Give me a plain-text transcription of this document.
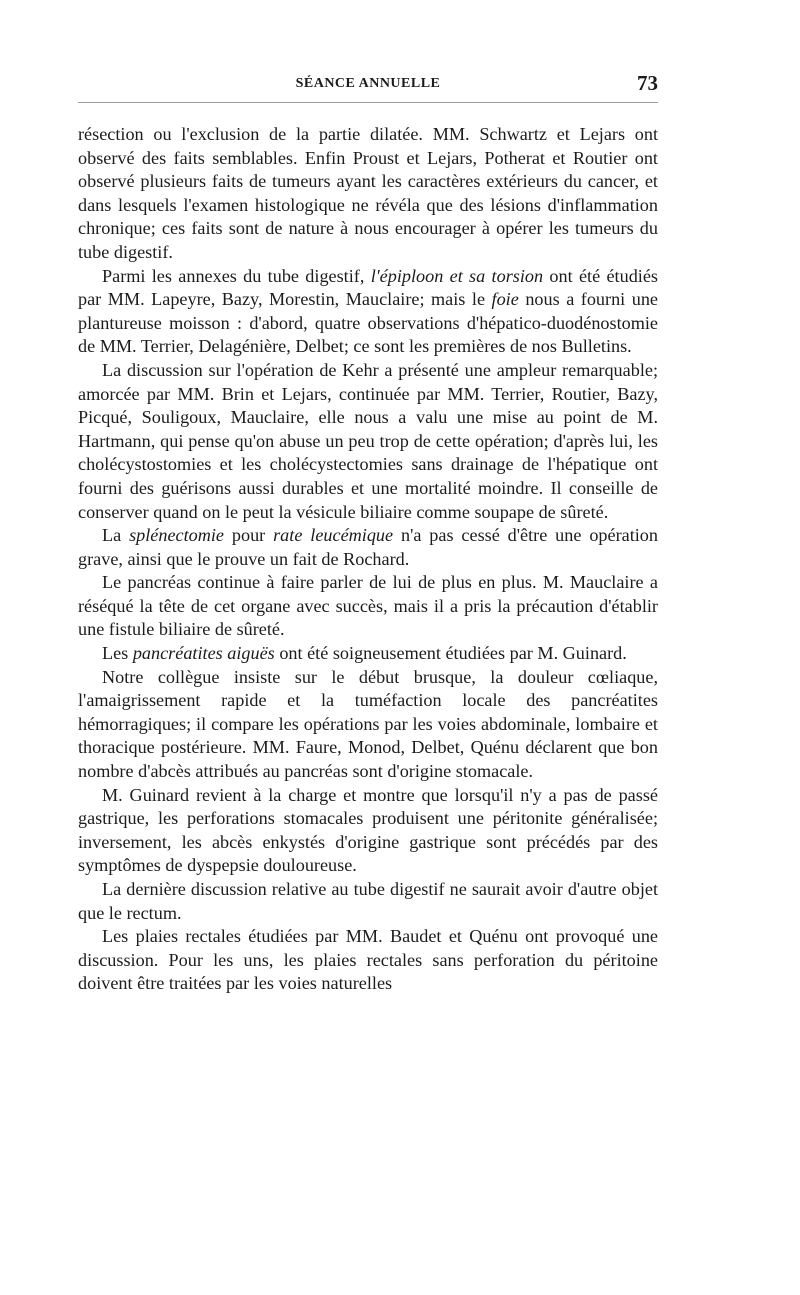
SÉANCE ANNUELLE	73

résection ou l'exclusion de la partie dilatée. MM. Schwartz et Lejars ont observé des faits semblables. Enfin Proust et Lejars, Potherat et Routier ont observé plusieurs faits de tumeurs ayant les caractères extérieurs du cancer, et dans lesquels l'examen histologique ne révéla que des lésions d'inflammation chronique; ces faits sont de nature à nous encourager à opérer les tumeurs du tube digestif.

Parmi les annexes du tube digestif, l'épiploon et sa torsion ont été étudiés par MM. Lapeyre, Bazy, Morestin, Mauclaire; mais le foie nous a fourni une plantureuse moisson : d'abord, quatre observations d'hépatico-duodénostomie de MM. Terrier, Delagénière, Delbet; ce sont les premières de nos Bulletins.

La discussion sur l'opération de Kehr a présenté une ampleur remarquable; amorcée par MM. Brin et Lejars, continuée par MM. Terrier, Routier, Bazy, Picqué, Souligoux, Mauclaire, elle nous a valu une mise au point de M. Hartmann, qui pense qu'on abuse un peu trop de cette opération; d'après lui, les cholécystostomies et les cholécystectomies sans drainage de l'hépatique ont fourni des guérisons aussi durables et une mortalité moindre. Il conseille de conserver quand on le peut la vésicule biliaire comme soupape de sûreté.

La splénectomie pour rate leucémique n'a pas cessé d'être une opération grave, ainsi que le prouve un fait de Rochard.

Le pancréas continue à faire parler de lui de plus en plus. M. Mauclaire a réséqué la tête de cet organe avec succès, mais il a pris la précaution d'établir une fistule biliaire de sûreté.

Les pancréatites aiguës ont été soigneusement étudiées par M. Guinard.

Notre collègue insiste sur le début brusque, la douleur cœliaque, l'amaigrissement rapide et la tuméfaction locale des pancréatites hémorragiques; il compare les opérations par les voies abdominale, lombaire et thoracique postérieure. MM. Faure, Monod, Delbet, Quénu déclarent que bon nombre d'abcès attribués au pancréas sont d'origine stomacale.

M. Guinard revient à la charge et montre que lorsqu'il n'y a pas de passé gastrique, les perforations stomacales produisent une péritonite généralisée; inversement, les abcès enkystés d'origine gastrique sont précédés par des symptômes de dyspepsie douloureuse.

La dernière discussion relative au tube digestif ne saurait avoir d'autre objet que le rectum.

Les plaies rectales étudiées par MM. Baudet et Quénu ont provoqué une discussion. Pour les uns, les plaies rectales sans perforation du péritoine doivent être traitées par les voies naturelles
